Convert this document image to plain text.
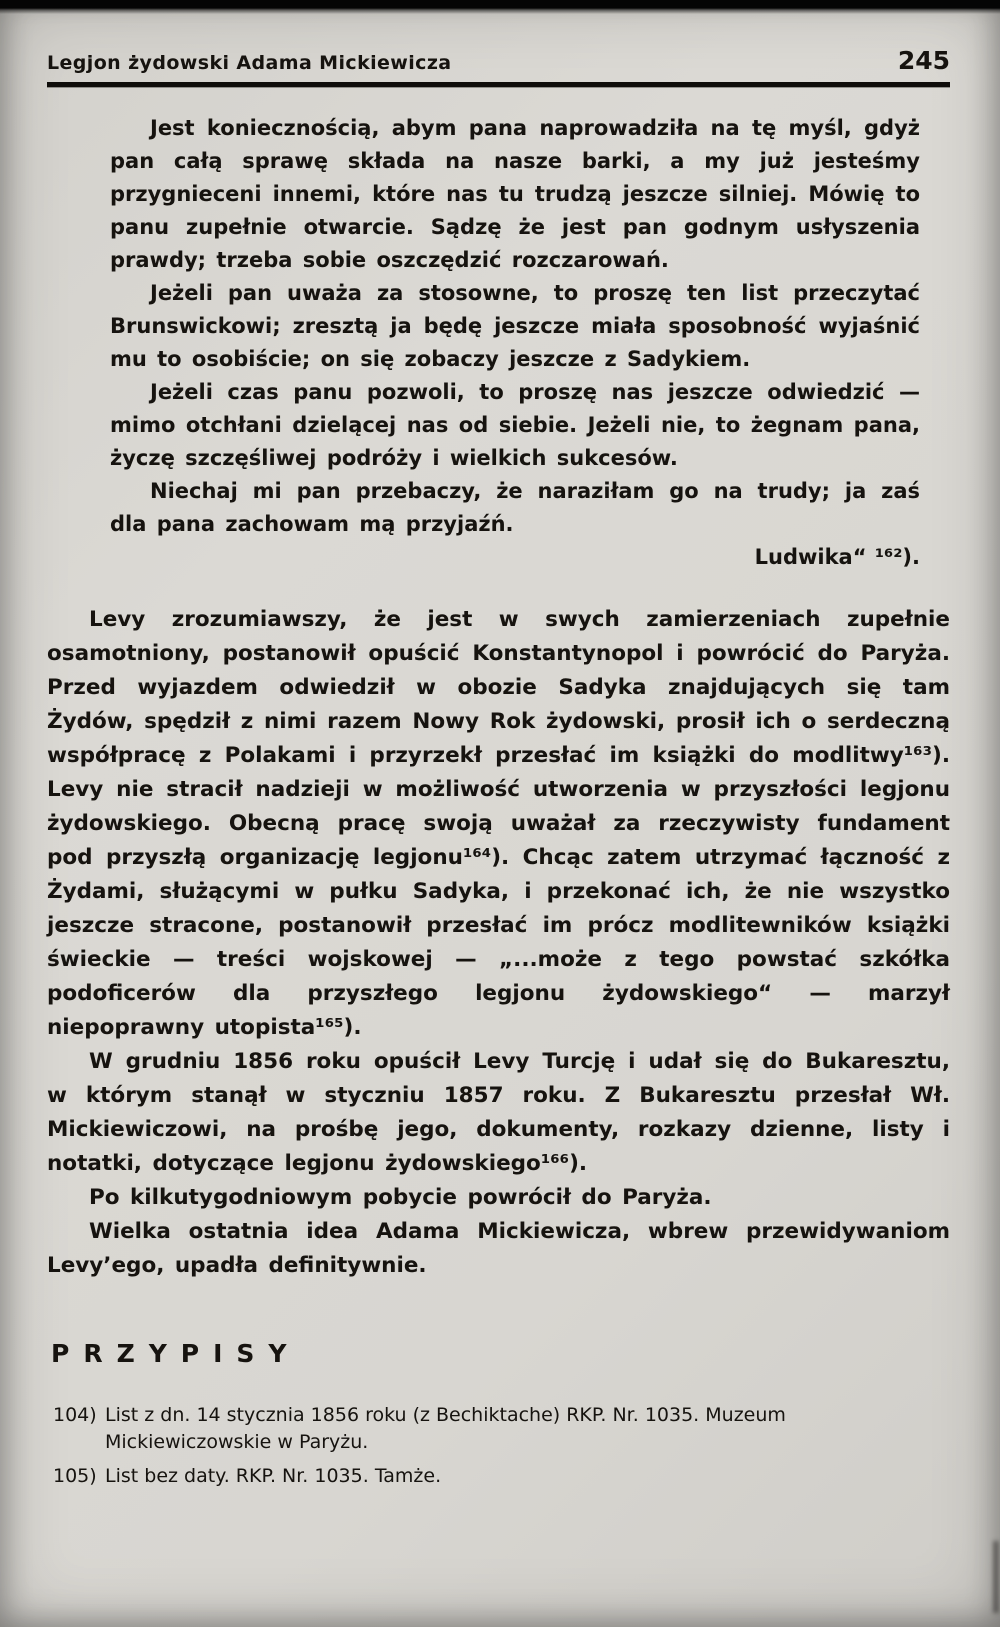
Legjon żydowski Adama Mickiewicza	245

Jest koniecznością, abym pana naprowadziła na tę myśl, gdyż pan całą sprawę składa na nasze barki, a my już jesteśmy przygnieceni innemi, które nas tu trudzą jeszcze silniej. Mówię to panu zupełnie otwarcie. Sądzę że jest pan godnym usłyszenia prawdy; trzeba sobie oszczędzić rozczarowań.

Jeżeli pan uważa za stosowne, to proszę ten list przeczytać Brunswickowi; zresztą ja będę jeszcze miała sposobność wyjaśnić mu to osobiście; on się zobaczy jeszcze z Sadykiem.

Jeżeli czas panu pozwoli, to proszę nas jeszcze odwiedzić — mimo otchłani dzielącej nas od siebie. Jeżeli nie, to żegnam pana, życzę szczęśliwej podróży i wielkich sukcesów.

Niechaj mi pan przebaczy, że naraziłam go na trudy; ja zaś dla pana zachowam mą przyjaźń.

Ludwika“ ¹⁶²).

Levy zrozumiawszy, że jest w swych zamierzeniach zupełnie osamotniony, postanowił opuścić Konstantynopol i powrócić do Paryża. Przed wyjazdem odwiedził w obozie Sadyka znajdujących się tam Żydów, spędził z nimi razem Nowy Rok żydowski, prosił ich o serdeczną współpracę z Polakami i przyrzekł przesłać im książki do modlitwy¹⁶³). Levy nie stracił nadzieji w możliwość utworzenia w przyszłości legjonu żydowskiego. Obecną pracę swoją uważał za rzeczywisty fundament pod przyszłą organizację legjonu¹⁶⁴). Chcąc zatem utrzymać łączność z Żydami, służącymi w pułku Sadyka, i przekonać ich, że nie wszystko jeszcze stracone, postanowił przesłać im prócz modlitewników książki świeckie — treści wojskowej — „...może z tego powstać szkółka podoficerów dla przyszłego legjonu żydowskiego“ — marzył niepoprawny utopista¹⁶⁵).

W grudniu 1856 roku opuścił Levy Turcję i udał się do Bukaresztu, w którym stanął w styczniu 1857 roku. Z Bukaresztu przesłał Wł. Mickiewiczowi, na prośbę jego, dokumenty, rozkazy dzienne, listy i notatki, dotyczące legjonu żydowskiego¹⁶⁶).

Po kilkutygodniowym pobycie powrócił do Paryża.

Wielka ostatnia idea Adama Mickiewicza, wbrew przewidywaniom Levy’ego, upadła definitywnie.

PRZYPISY
104) List z dn. 14 stycznia 1856 roku (z Bechiktache) RKP. Nr. 1035. Muzeum Mickiewiczowskie w Paryżu.
105) List bez daty. RKP. Nr. 1035. Tamże.
